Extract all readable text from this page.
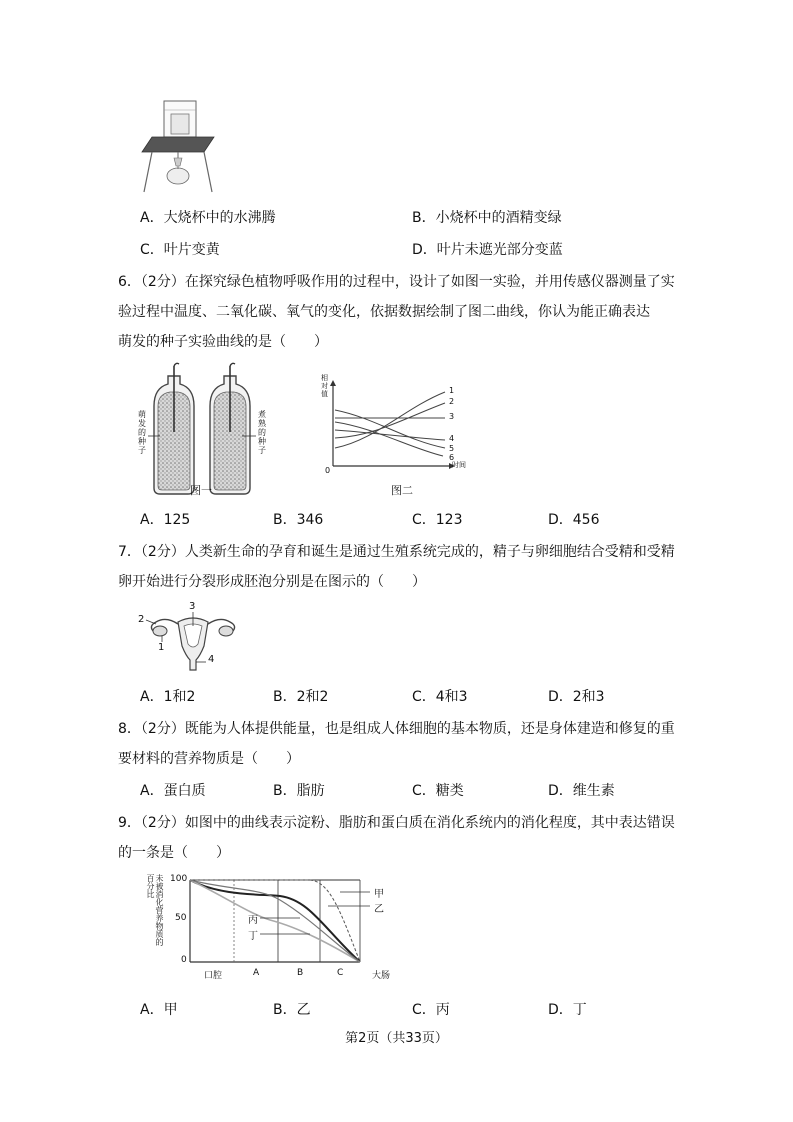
A．大烧杯中的水沸腾	B．小烧杯中的酒精变绿
C．叶片变黄	D．叶片未遮光部分变蓝
6．（2分）在探究绿色植物呼吸作用的过程中，设计了如图一实验，并用传感仪器测量了实
验过程中温度、二氧化碳、氧气的变化，依据数据绘制了图二曲线，你认为能正确表达
萌发的种子实验曲线的是（　　）
萌发的种子
煮熟的种子
图一
相对值
0
时间
1
2
3
4
5
6
图二
A．125	B．346	C．123	D．456
7．（2分）人类新生命的孕育和诞生是通过生殖系统完成的，精子与卵细胞结合受精和受精
卵开始进行分裂形成胚泡分别是在图示的（　　）
1
2
3
4
A．1和2	B．2和2	C．4和3	D．2和3
8．（2分）既能为人体提供能量，也是组成人体细胞的基本物质，还是身体建造和修复的重
要材料的营养物质是（　　）
A．蛋白质	B．脂肪	C．糖类	D．维生素
9．（2分）如图中的曲线表示淀粉、脂肪和蛋白质在消化系统内的消化程度，其中表达错误
的一条是（　　）
未被消化营养物质的百分比	100
50
0
口腔	A	B	C	大肠
甲
乙
丙
丁
A．甲	B．乙	C．丙	D．丁
第2页（共33页）
